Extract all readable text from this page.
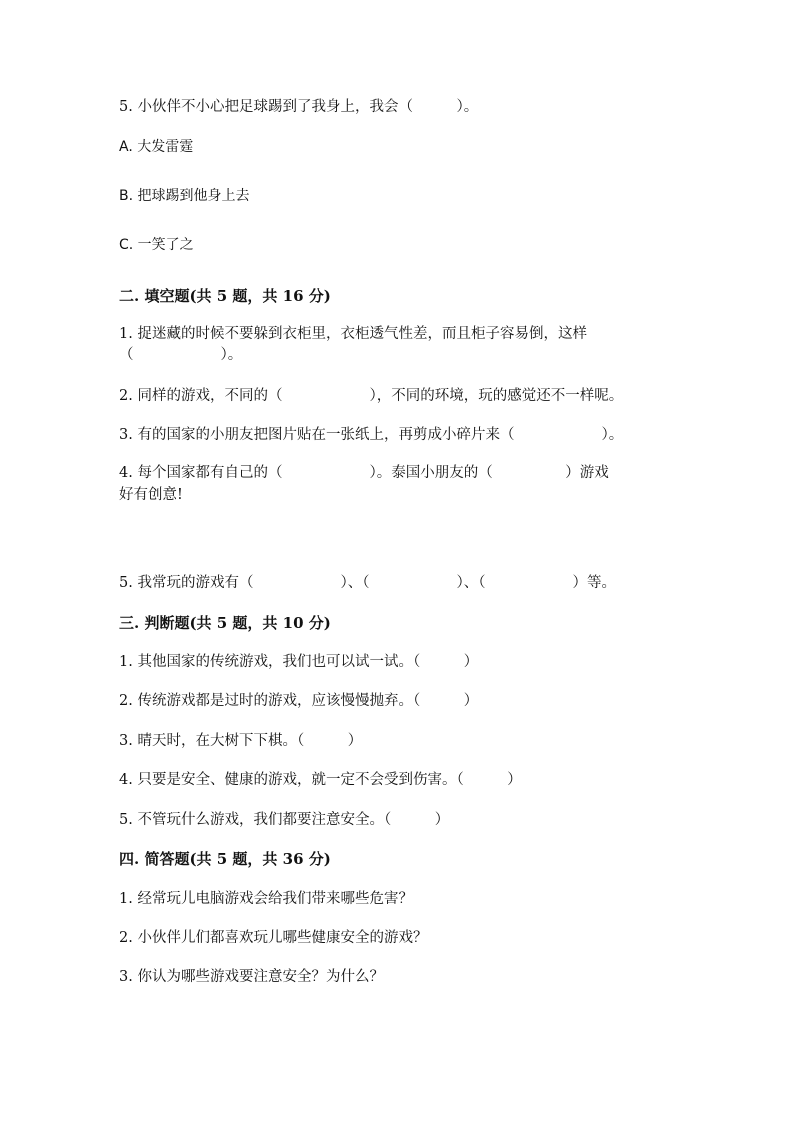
5. 小伙伴不小心把足球踢到了我身上，我会（　　　）。

A. 大发雷霆

B. 把球踢到他身上去

C. 一笑了之

二. 填空题(共 5 题，共 16 分)

1. 捉迷藏的时候不要躲到衣柜里，衣柜透气性差，而且柜子容易倒，这样

（　　　　　　）。

2. 同样的游戏，不同的（　　　　　　），不同的环境，玩的感觉还不一样呢。

3. 有的国家的小朋友把图片贴在一张纸上，再剪成小碎片来（　　　　　　）。

4. 每个国家都有自己的（　　　　　　）。泰国小朋友的（　　　　　）游戏

好有创意!

5. 我常玩的游戏有（　　　　　　）、（　　　　　　）、（　　　　　　）等。

三. 判断题(共 5 题，共 10 分)

1. 其他国家的传统游戏，我们也可以试一试。（　　　）

2. 传统游戏都是过时的游戏，应该慢慢抛弃。（　　　）

3. 晴天时，在大树下下棋。（　　　）

4. 只要是安全、健康的游戏，就一定不会受到伤害。（　　　）

5. 不管玩什么游戏，我们都要注意安全。（　　　）

四. 简答题(共 5 题，共 36 分)

1. 经常玩儿电脑游戏会给我们带来哪些危害？

2. 小伙伴儿们都喜欢玩儿哪些健康安全的游戏？

3. 你认为哪些游戏要注意安全？为什么？
